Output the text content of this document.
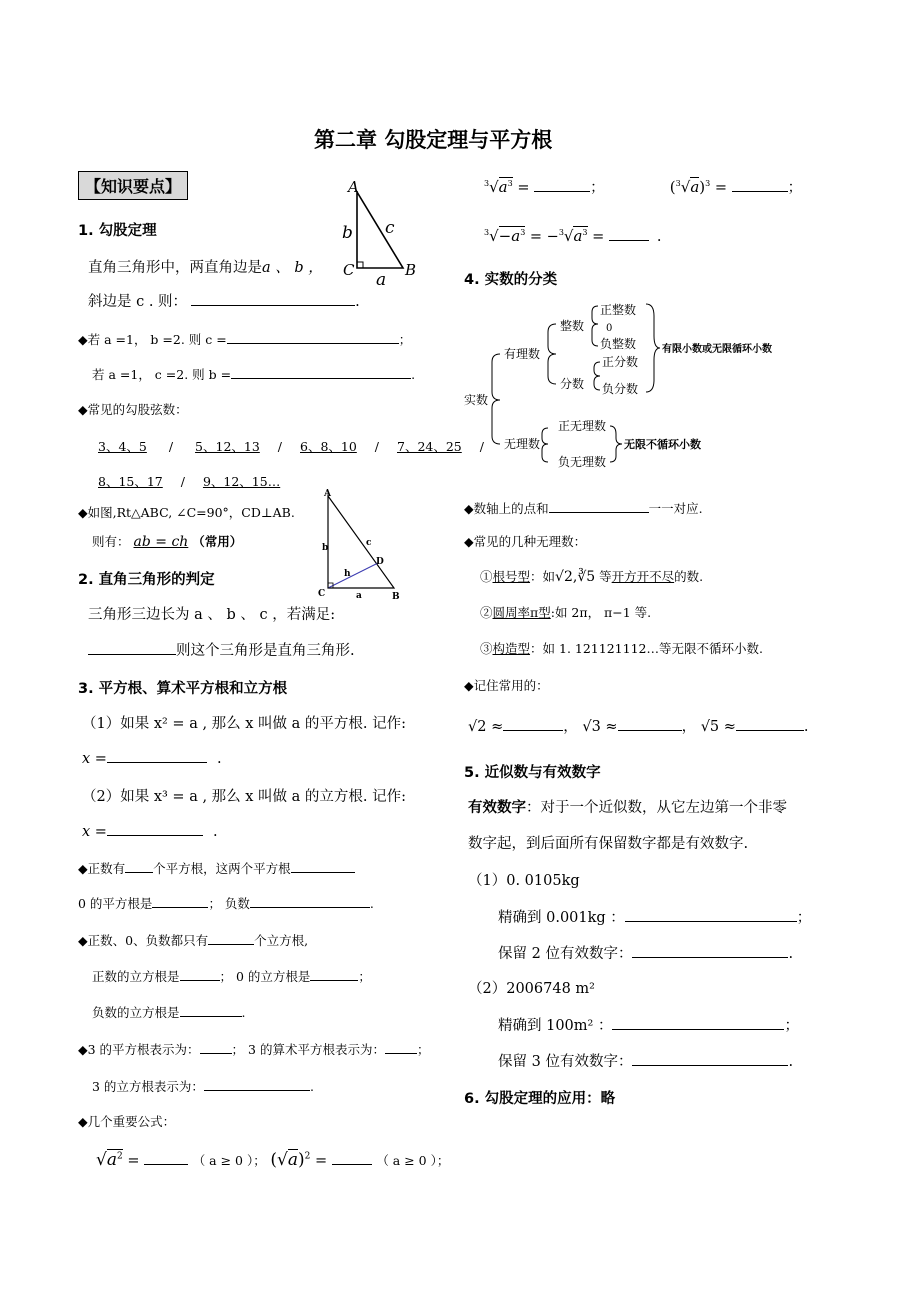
第二章 勾股定理与平方根
【知识要点】
1. 勾股定理
A
b c
C	B
a
直角三角形中，两直角边是a 、 b ，
斜边是 c . 则：	.
◆若 a =1， b =2. 则 c =	；
若 a =1， c =2. 则 b =	.
◆常见的勾股弦数：
3、4、5 / 5、12、13 / 6、8、10 / 7、24、25 /
8、15、17 / 9、12、15…
◆如图,Rt△ABC, ∠C=90°，CD⊥AB.
则有： ab = ch （常用）
A
b	c
D
h
C	a	B
2. 直角三角形的判定
三角形三边长为 a 、 b 、 c ，若满足:
则这个三角形是直角三角形.
3. 平方根、算术平方根和立方根
（1）如果 x² = a , 那么 x 叫做 a 的平方根. 记作:
x =	.
（2）如果 x³ = a , 那么 x 叫做 a 的立方根. 记作:
x =	.
◆正数有 个平方根，这两个平方根
0 的平方根是	； 负数	.
◆正数、0、负数都只有	个立方根,
正数的立方根是	； 0 的立方根是	；
负数的立方根是	.
◆3 的平方根表示为：	； 3 的算术平方根表示为：	；
3 的立方根表示为：	.
◆几个重要公式：
$√a^2$ =	（ a ≥ 0 ）； $(√a)^2$ =	（ a ≥ 0 ）；
$^3√a^3$ =	；	$(^3√a)^3$ =	；
$^3√-a^3 = -^3√a^3$ =	.
4. 实数的分类
实数
有理数
整数
正整数
0
负整数
分数
正分数
负分数
有限小数或无限循环小数
无理数
正无理数
负无理数
无限不循环小数
◆数轴上的点和	一一对应.
◆常见的几种无理数：
①根号型：如√2,∛5 等开方开不尽的数.
②圆周率π型:如 2π， π−1 等.
③构造型：如 1. 121121112…等无限不循环小数.
◆记住常用的：
√2 ≈	， √3 ≈	， √5 ≈	.
5. 近似数与有效数字
有效数字：对于一个近似数，从它左边第一个非零
数字起，到后面所有保留数字都是有效数字.
（1）0. 0105kg
精确到 0.001kg ：	；
保留 2 位有效数字：	.
（2）2006748 m²
精确到 100m² ：	；
保留 3 位有效数字：	.
6. 勾股定理的应用：略
